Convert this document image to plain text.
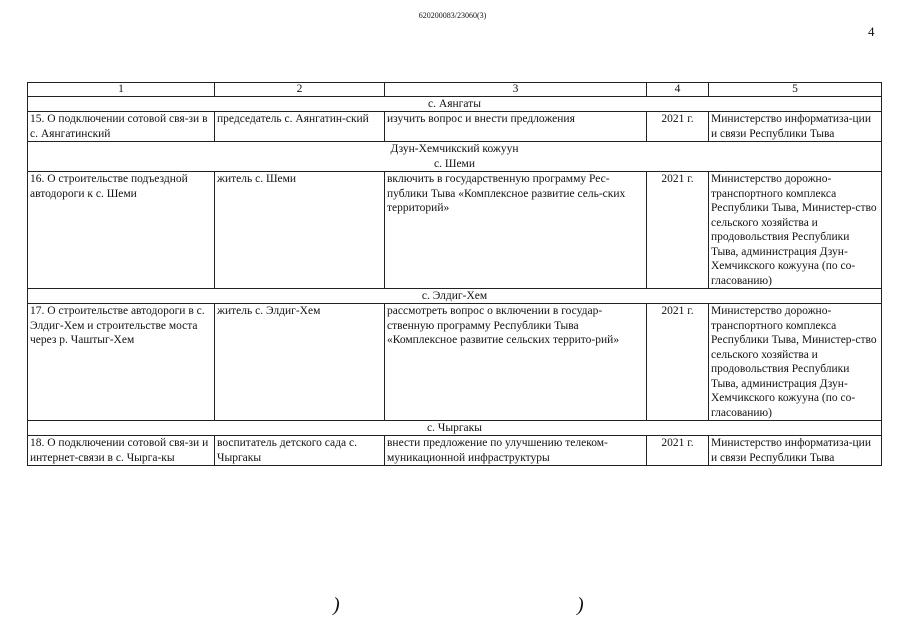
620200083/23060(3)
4
1	2	3	4	5
с. Аянгаты				
15. О подключении сотовой свя-зи в с. Аянгатинский	председатель с. Аянгатин-ский	изучить вопрос и внести предложения	2021 г.	Министерство информатиза-ции и связи Республики Тыва

Дзун-Хемчикский кожуун
с. Шеми				

16. О строительстве подъездной автодороги к с. Шеми	житель с. Шеми	включить в государственную программу Рес-публики Тыва «Комплексное развитие сель-ских территорий»	2021 г.	Министерство дорожно-транспортного комплекса Республики Тыва, Министер-ство сельского хозяйства и продовольствия Республики Тыва, администрация Дзун-Хемчикского кожууна (по со-гласованию)
с. Элдиг-Хем				
17. О строительстве автодороги в с. Элдиг-Хем и строительстве моста через р. Чаштыг-Хем	житель с. Элдиг-Хем	рассмотреть вопрос о включении в государ-ственную программу Республики Тыва «Комплексное развитие сельских террито-рий»	2021 г.	Министерство дорожно-транспортного комплекса Республики Тыва, Министер-ство сельского хозяйства и продовольствия Республики Тыва, администрация Дзун-Хемчикского кожууна (по со-гласованию)
с. Чыргакы				
18. О подключении сотовой свя-зи и интернет-связи в с. Чырга-кы	воспитатель детского сада с. Чыргакы	внести предложение по улучшению телеком-муникационной инфраструктуры	2021 г.	Министерство информатиза-ции и связи Республики Тыва
)	)
